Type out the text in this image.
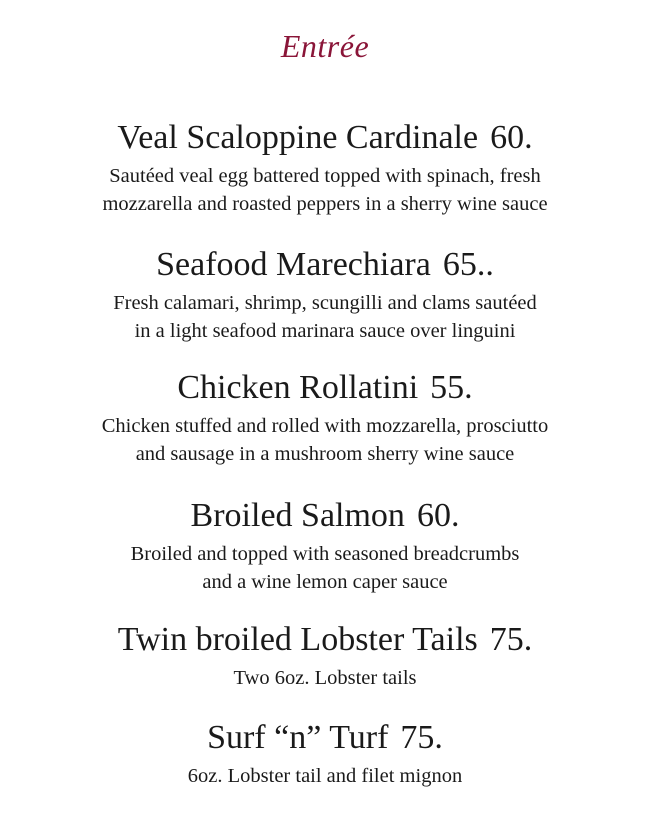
Entrée
Veal Scaloppine Cardinale 60.
Sautéed veal egg battered topped with spinach, fresh
mozzarella and roasted peppers in a sherry wine sauce
Seafood Marechiara 65..
Fresh calamari, shrimp, scungilli and clams sautéed
in a light seafood marinara sauce over linguini
Chicken Rollatini 55.
Chicken stuffed and rolled with mozzarella, prosciutto
and sausage in a mushroom sherry wine sauce
Broiled Salmon 60.
Broiled and topped with seasoned breadcrumbs
and a wine lemon caper sauce
Twin broiled Lobster Tails 75.
Two 6oz. Lobster tails
Surf “n” Turf 75.
6oz. Lobster tail and filet mignon
